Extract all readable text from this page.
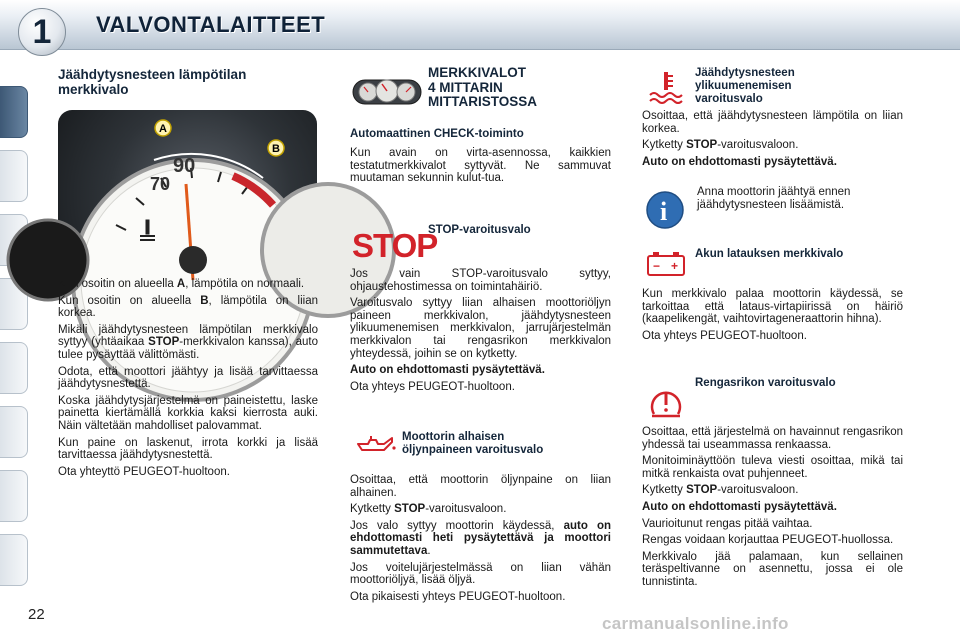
1	VALVONTALAITTEET
Jäähdytysnesteen lämpötilan
merkkivalo
A
B
90
70
Kun osoitin on alueella A, lämpötila on normaali.
Kun osoitin on alueella B, lämpötila on liian korkea.
Mikäli jäähdytysnesteen lämpötilan merkkivalo syttyy (yhtäaikaa STOP-merkkivalon kanssa), auto tulee pysäyttää välittömästi.
Odota, että moottori jäähtyy ja lisää tarvittaessa jäähdytysnestettä.
Koska jäähdytysjärjestelmä on paineistettu, laske painetta kiertämällä korkkia kaksi kierrosta auki. Näin vältetään mahdolliset palovammat.
Kun paine on laskenut, irrota korkki ja lisää tarvittaessa jäähdytysnestettä.
Ota yhteyttö PEUGEOT-huoltoon.
MERKKIVALOT
4 MITTARIN
MITTARISTOSSA
Automaattinen CHECK-toiminto
Kun avain on virta-asennossa, kaikkien testatutmerkkivalot syttyvät. Ne sammuvat muutaman sekunnin kulut-tua.
STOP
STOP-varoitusvalo
Jos vain STOP-varoitusvalo syttyy, ohjaustehostimessa on toimintahäiriö.
Varoitusvalo syttyy liian alhaisen moottoriöljyn paineen merkkivalon, jäähdytysnesteen ylikuumenemisen merkkivalon, jarrujärjestelmän merkkivalon tai rengasrikon merkkivalon yhteydessä, joihin se on kytketty.
Auto on ehdottomasti pysäytettävä.
Ota yhteys PEUGEOT-huoltoon.
Moottorin alhaisen
öljynpaineen varoitusvalo
Osoittaa, että moottorin öljynpaine on liian alhainen.
Kytketty STOP-varoitusvaloon.
Jos valo syttyy moottorin käydessä, auto on ehdottomasti heti pysäytettävä ja moottori sammutettava.
Jos voitelujärjestelmässä on liian vähän moottoriöljyä, lisää öljyä.
Ota pikaisesti yhteys PEUGEOT-huoltoon.
Jäähdytysnesteen
ylikuumenemisen
varoitusvalo
Osoittaa, että jäähdytysnesteen lämpötila on liian korkea.
Kytketty STOP-varoitusvaloon.
Auto on ehdottomasti pysäytettävä.
i
Anna moottorin jäähtyä ennen jäähdytysnesteen lisäämistä.
− +
Akun latauksen merkkivalo
Kun merkkivalo palaa moottorin käydessä, se tarkoittaa että lataus-virtapiirissä on häiriö (kaapelikengät, vaihtovirtageneraattorin hihna).
Ota yhteys PEUGEOT-huoltoon.
Rengasrikon varoitusvalo
Osoittaa, että järjestelmä on havainnut rengasrikon yhdessä tai useammassa renkaassa.
Monitoiminäyttöön tuleva viesti osoittaa, mikä tai mitkä renkaista ovat puhjenneet.
Kytketty STOP-varoitusvaloon.
Auto on ehdottomasti pysäytettävä.
Vaurioitunut rengas pitää vaihtaa.
Rengas voidaan korjauttaa PEUGEOT-huollossa.
Merkkivalo jää palamaan, kun sellainen teräspeltivanne on asennettu, jossa ei ole tunnistinta.
22	carmanualsonline.info
